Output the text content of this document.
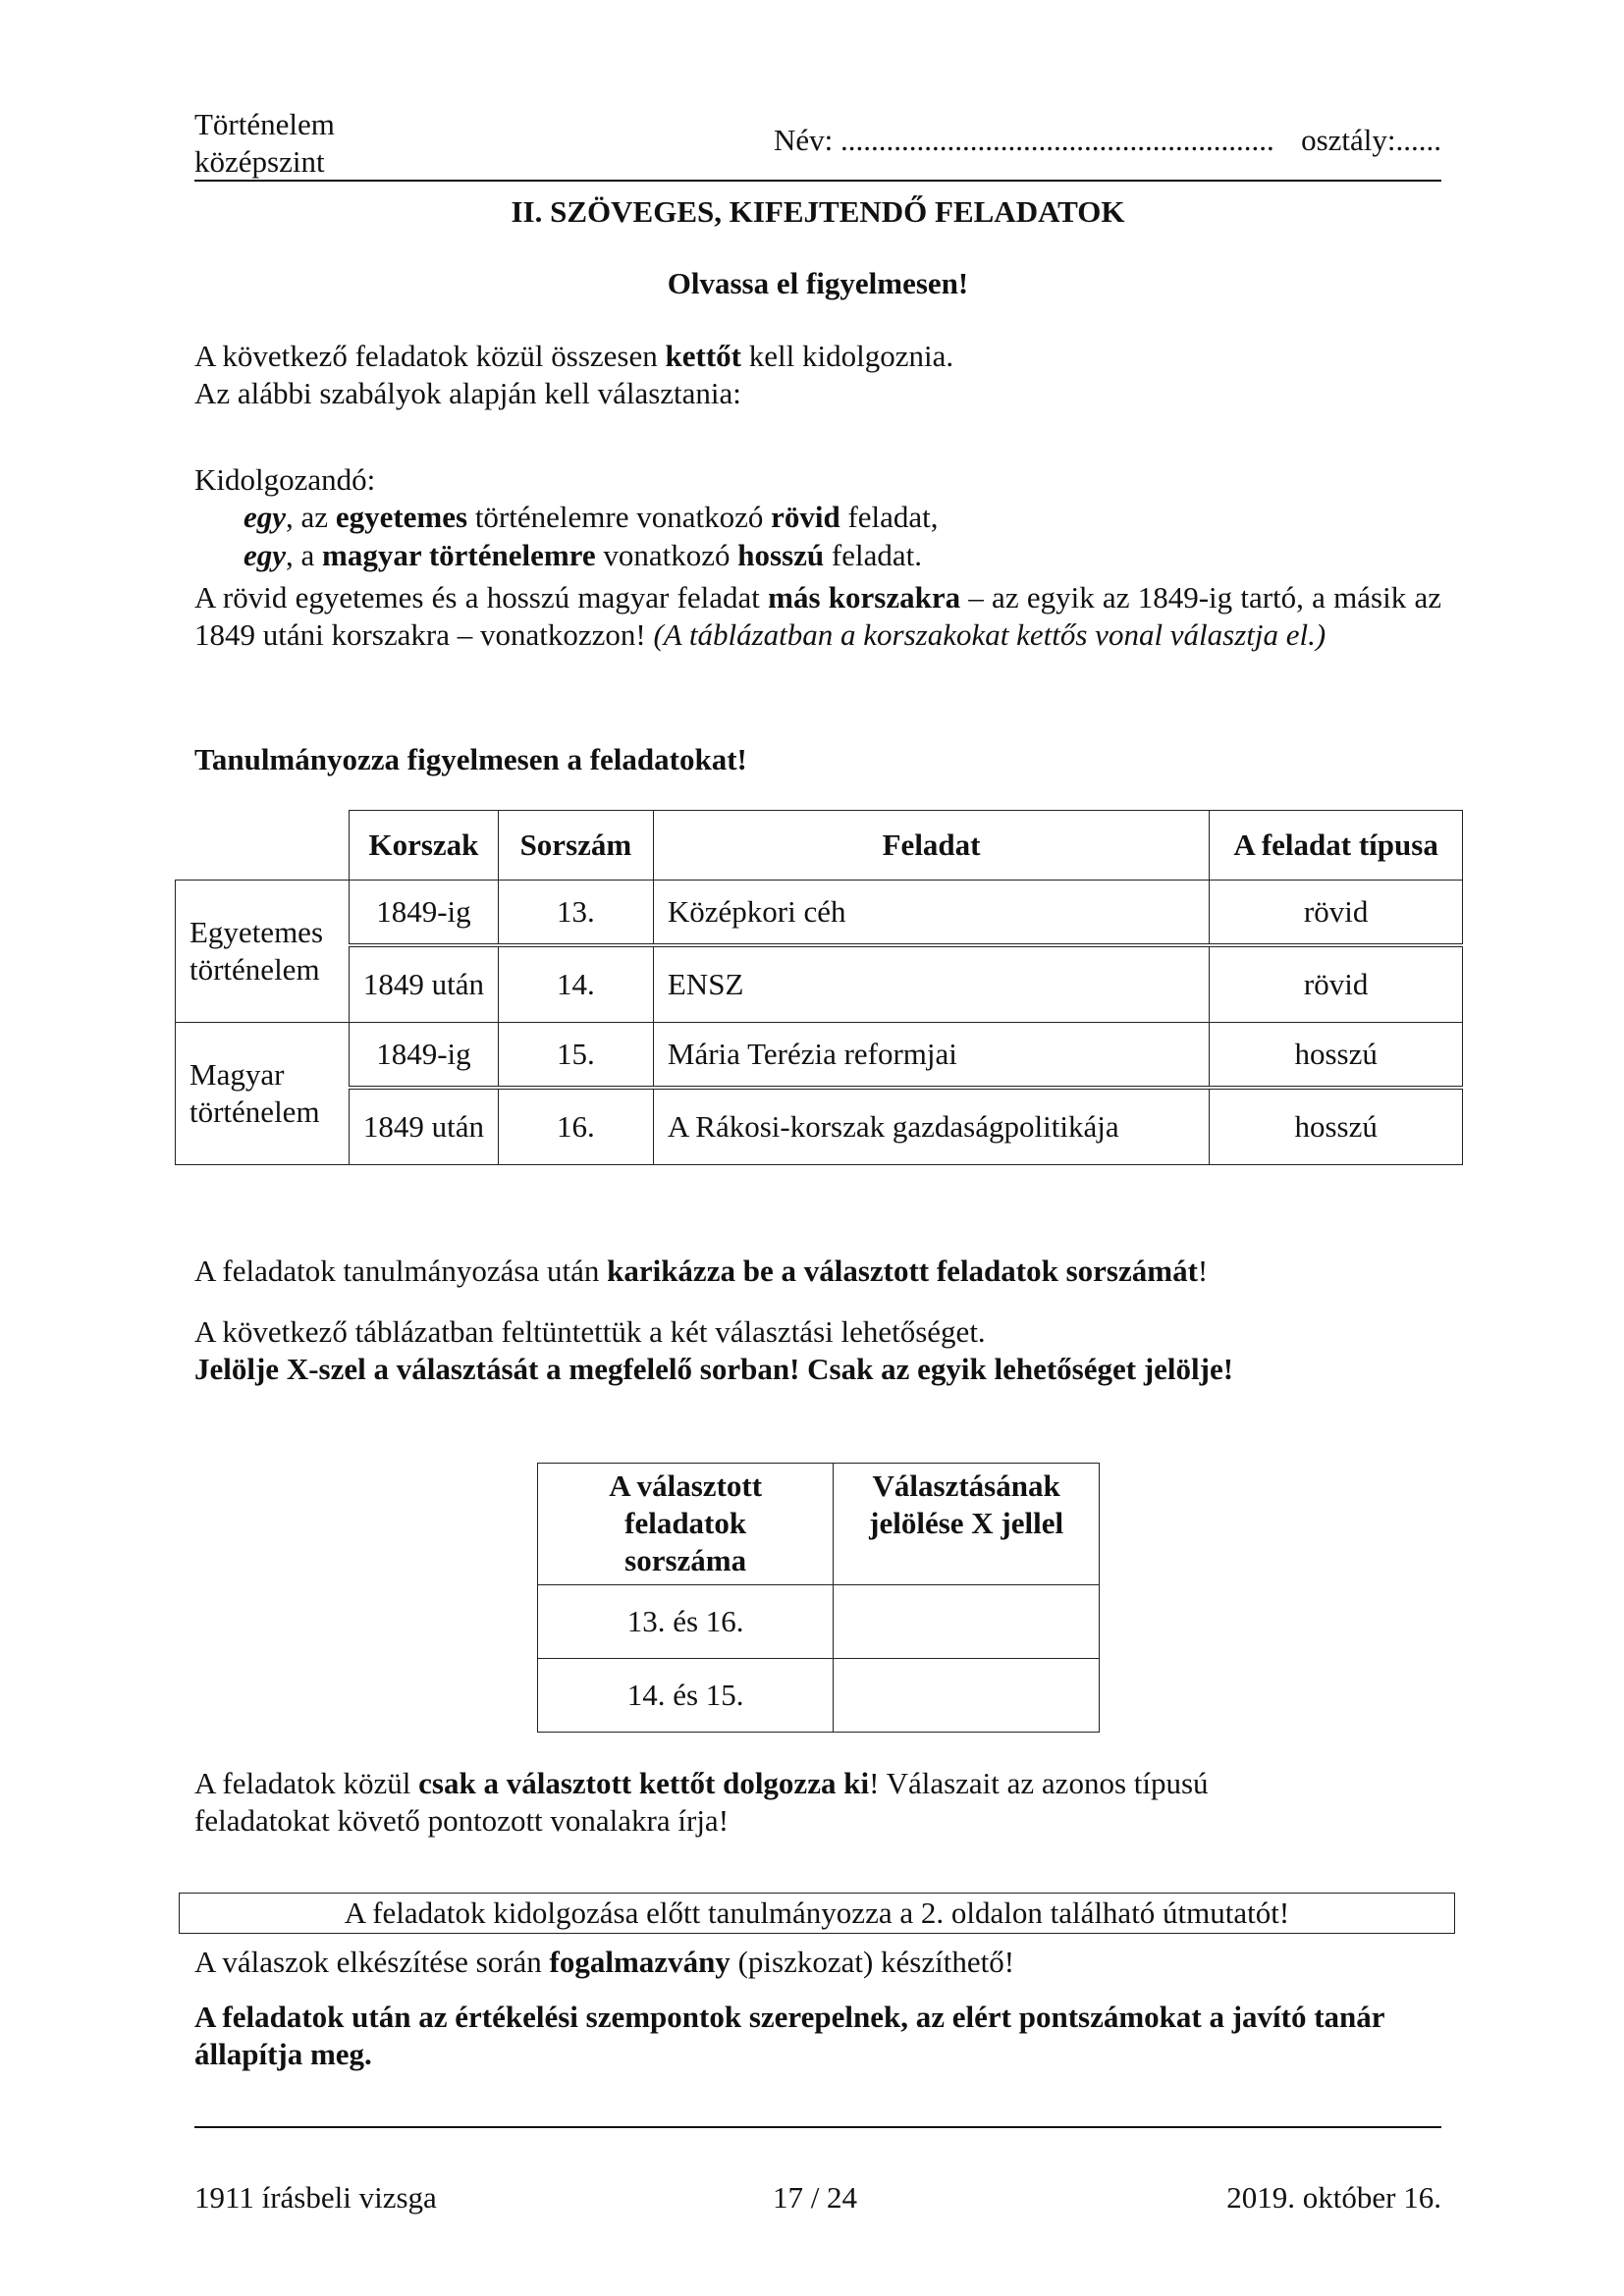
Történelem
középszint
Név: ......................................................... osztály:......
II. SZÖVEGES, KIFEJTENDŐ FELADATOK
Olvassa el figyelmesen!
A következő feladatok közül összesen kettőt kell kidolgoznia.
Az alábbi szabályok alapján kell választania:
Kidolgozandó:
egy, az egyetemes történelemre vonatkozó rövid feladat,
egy, a magyar történelemre vonatkozó hosszú feladat.
A rövid egyetemes és a hosszú magyar feladat más korszakra – az egyik az 1849-ig tartó, a másik az 1849 utáni korszakra – vonatkozzon! (A táblázatban a korszakokat kettős vonal választja el.)
Tanulmányozza figyelmesen a feladatokat!
	Korszak	Sorszám	Feladat	A feladat típusa
Egyetemes történelem	1849-ig	13.	Középkori céh	rövid
	1849 után	14.	ENSZ	rövid
Magyar történelem	1849-ig	15.	Mária Terézia reformjai	hosszú
	1849 után	16.	A Rákosi-korszak gazdaságpolitikája	hosszú
A feladatok tanulmányozása után karikázza be a választott feladatok sorszámát!
A következő táblázatban feltüntettük a két választási lehetőséget.
Jelölje X-szel a választását a megfelelő sorban! Csak az egyik lehetőséget jelölje!
A választott feladatok sorszáma	Választásának jelölése X jellel
13. és 16.	
14. és 15.	
A feladatok közül csak a választott kettőt dolgozza ki! Válaszait az azonos típusú feladatokat követő pontozott vonalakra írja!
A feladatok kidolgozása előtt tanulmányozza a 2. oldalon található útmutatót!
A válaszok elkészítése során fogalmazvány (piszkozat) készíthető!
A feladatok után az értékelési szempontok szerepelnek, az elért pontszámokat a javító tanár állapítja meg.
1911 írásbeli vizsga	17 / 24	2019. október 16.
